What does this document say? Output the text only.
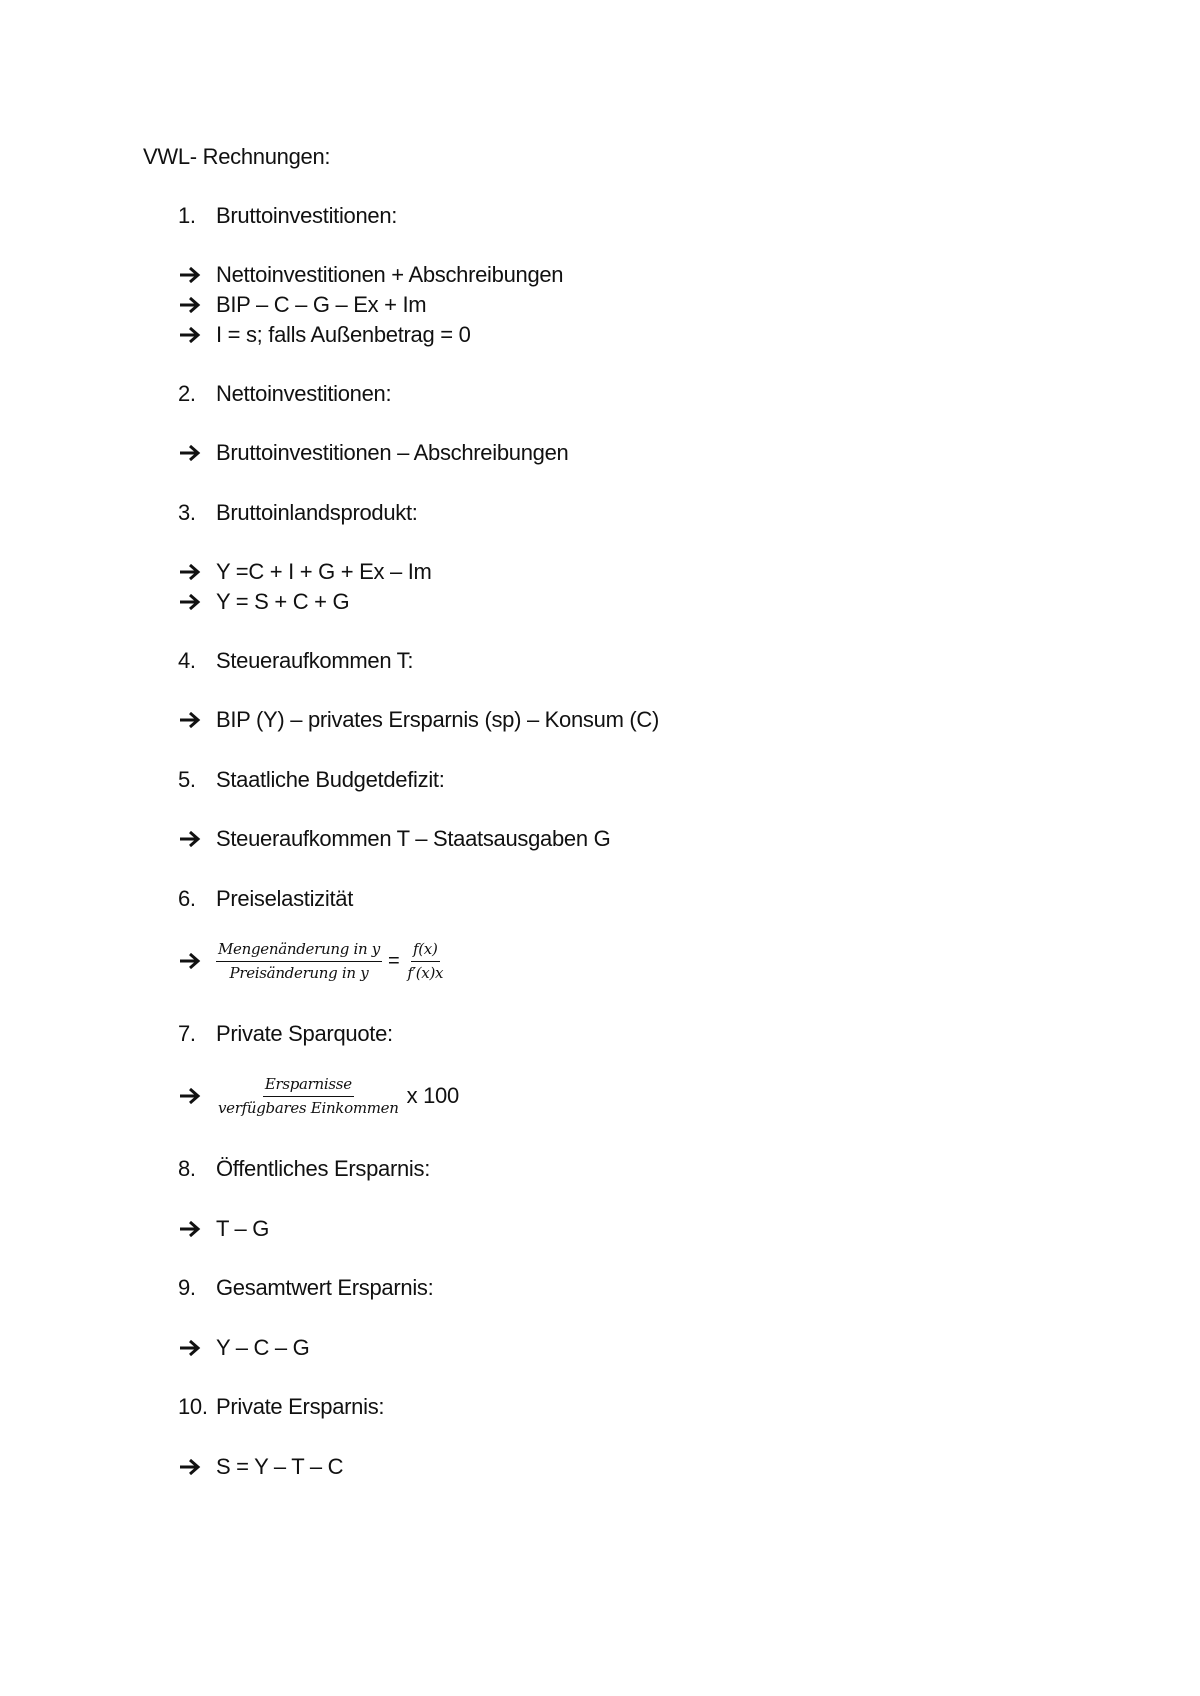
VWL- Rechnungen:
1. Bruttoinvestitionen:
Nettoinvestitionen + Abschreibungen
BIP – C – G – Ex + Im
I = s; falls Außenbetrag = 0
2. Nettoinvestitionen:
Bruttoinvestitionen – Abschreibungen
3. Bruttoinlandsprodukt:
Y =C + I + G + Ex – Im
Y = S + C + G
4. Steueraufkommen T:
BIP (Y) – privates Ersparnis (sp) – Konsum (C)
5. Staatliche Budgetdefizit:
Steueraufkommen T – Staatsausgaben G
6. Preiselastizität
$\frac{\text{Mengenänderung in y}}{\text{Preisänderung in y}} = \frac{f(x)}{f'(x)x}$
7. Private Sparquote:
$\frac{\text{Ersparnisse}}{\text{verfügbares Einkommen}}$ x 100
8. Öffentliches Ersparnis:
T – G
9. Gesamtwert Ersparnis:
Y – C – G
10. Private Ersparnis:
S = Y – T – C
